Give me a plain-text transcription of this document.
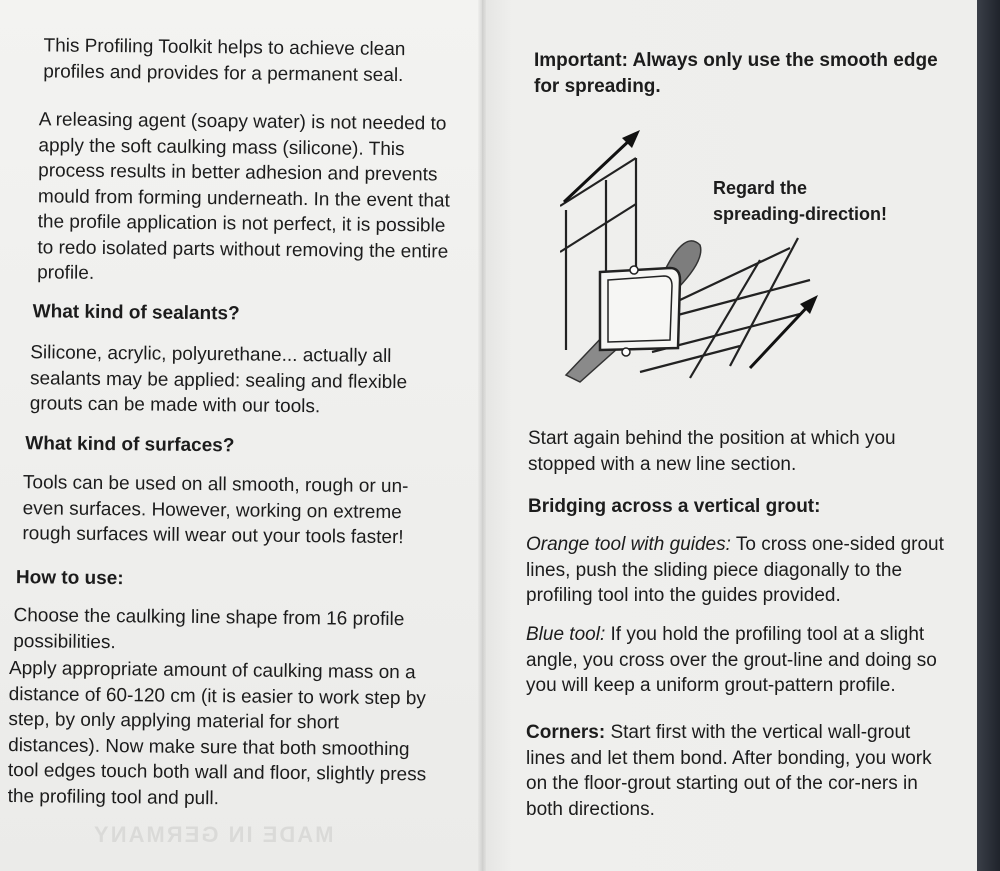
MADE IN GERMANY

This Profiling Toolkit helps to achieve clean profiles and provides for a permanent seal.

A releasing agent (soapy water) is not needed to apply the soft caulking mass (silicone). This process results in better adhesion and prevents mould from forming underneath. In the event that the profile application is not perfect, it is possible to redo isolated parts without removing the entire profile.

What kind of sealants?

Silicone, acrylic, polyurethane... actually all sealants may be applied: sealing and flexible grouts can be made with our tools.

What kind of surfaces?

Tools can be used on all smooth, rough or un-even surfaces. However, working on extreme rough surfaces will wear out your tools faster!

How to use:

Choose the caulking line shape from 16 profile possibilities.

Apply appropriate amount of caulking mass on a distance of 60-120 cm (it is easier to work step by step, by only applying material for short distances). Now make sure that both smoothing tool edges touch both wall and floor, slightly press the profiling tool and pull.

Important: Always only use the smooth edge for spreading.

Start again behind the position at which you stopped with a new line section.

Bridging across a vertical grout:

Orange tool with guides: To cross one-sided grout lines, push the sliding piece diagonally to the profiling tool into the guides provided.

Blue tool: If you hold the profiling tool at a slight angle, you cross over the grout-line and doing so you will keep a uniform grout-pattern profile.

Corners: Start first with the vertical wall-grout lines and let them bond. After bonding, you work on the floor-grout starting out of the cor-ners in both directions.

Regard the
spreading-direction!
